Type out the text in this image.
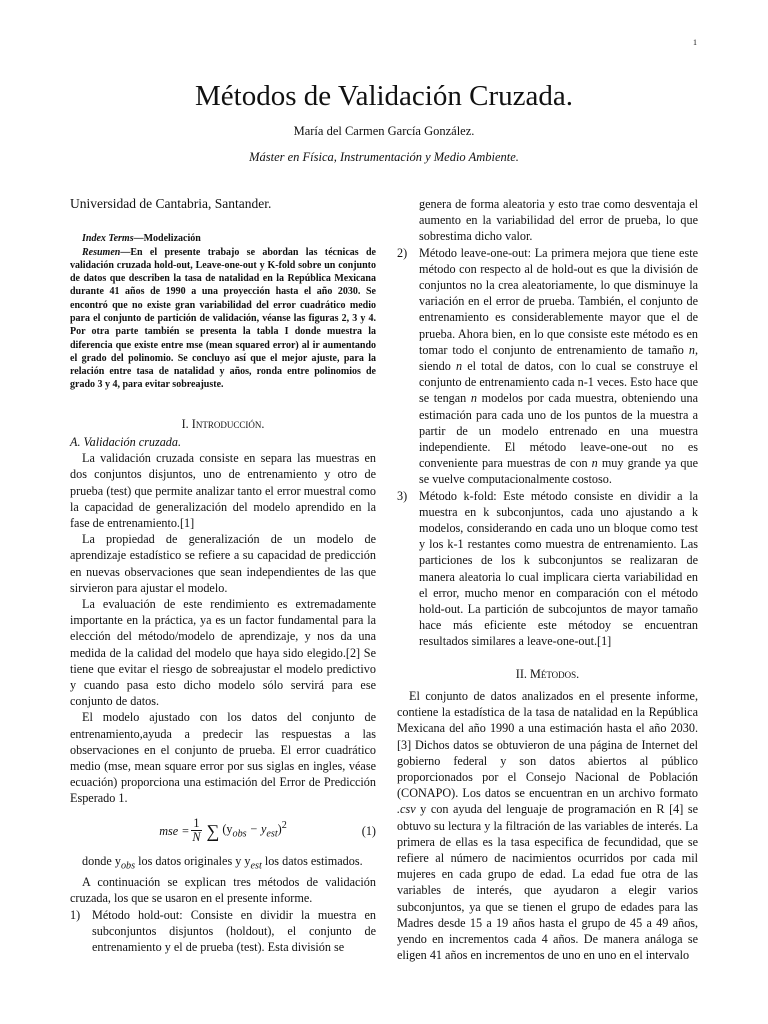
1
Métodos de Validación Cruzada.
María del Carmen García González.
Máster en Física, Instrumentación y Medio Ambiente.
Universidad de Cantabria, Santander.

Index Terms—Modelización

Resumen—En el presente trabajo se abordan las técnicas de validación cruzada hold-out, Leave-one-out y K-fold sobre un conjunto de datos que describen la tasa de natalidad en la República Mexicana durante 41 años de 1990 a una proyección hasta el año 2030. Se encontró que no existe gran variabilidad del error cuadrático medio para el conjunto de partición de validación, véanse las figuras 2, 3 y 4. Por otra parte también se presenta la tabla I donde muestra la diferencia que existe entre mse (mean squared error) al ir aumentando el grado del polinomio. Se concluyo así que el mejor ajuste, para la relación entre tasa de natalidad y años, ronda entre polinomios de grado 3 y 4, para evitar sobreajuste.

I. Introducción.

A. Validación cruzada.

La validación cruzada consiste en separa las muestras en dos conjuntos disjuntos, uno de entrenamiento y otro de prueba (test) que permite analizar tanto el error muestral como la capacidad de generalización del modelo aprendido en la fase de entrenamiento.[1]

La propiedad de generalización de un modelo de aprendizaje estadístico se refiere a su capacidad de predicción en nuevas observaciones que sean independientes de las que sirvieron para ajustar el modelo.

La evaluación de este rendimiento es extremadamente importante en la práctica, ya es un factor fundamental para la elección del método/modelo de aprendizaje, y nos da una medida de la calidad del modelo que haya sido elegido.[2] Se tiene que evitar el riesgo de sobreajustar el modelo predictivo y cuando pasa esto dicho modelo sólo servirá para ese conjunto de datos.

El modelo ajustado con los datos del conjunto de entrenamiento,ayuda a predecir las respuestas a las observaciones en el conjunto de prueba. El error cuadrático medio (mse, mean square error por sus siglas en ingles, véase ecuación) proporciona una estimación del Error de Predicción Esperado 1.

mse = $\frac{1}{N}$ ∑ $(y_{obs} - y_{est})^2$	(1)

donde $y_{obs}$ los datos originales y $y_{est}$ los datos estimados.

A continuación se explican tres métodos de validación cruzada, los que se usaron en el presente informe.

1) Método hold-out: Consiste en dividir la muestra en subconjuntos disjuntos (holdout), el conjunto de entrenamiento y el de prueba (test). Esta división se

genera de forma aleatoria y esto trae como desventaja el aumento en la variabilidad del error de prueba, lo que sobrestima dicho valor.

2) Método leave-one-out: La primera mejora que tiene este método con respecto al de hold-out es que la división de conjuntos no la crea aleatoriamente, lo que disminuye la variación en el error de prueba. También, el conjunto de entrenamiento es considerablemente mayor que el de prueba. Ahora bien, en lo que consiste este método es en tomar todo el conjunto de entrenamiento de tamaño n, siendo n el total de datos, con lo cual se construye el conjunto de entrenamiento cada n-1 veces. Esto hace que se tengan n modelos por cada muestra, obteniendo una estimación para cada uno de los puntos de la muestra a partir de un modelo entrenado en una muestra independiente. El método leave-one-out no es conveniente para muestras de con n muy grande ya que se vuelve computacionalmente costoso.
3) Método k-fold: Este método consiste en dividir a la muestra en k subconjuntos, cada uno ajustando a k modelos, considerando en cada uno un bloque como test y los k-1 restantes como muestra de entrenamiento. Las particiones de los k subconjuntos se realizaran de manera aleatoria lo cual implicara cierta variabilidad en el error, mucho menor en comparación con el método hold-out. La partición de subcojuntos de mayor tamaño hace más eficiente este métodoy se encuentran resultados similares a leave-one-out.[1]
II. Métodos.

El conjunto de datos analizados en el presente informe, contiene la estadística de la tasa de natalidad en la República Mexicana del año 1990 a una estimación hasta el año 2030.[3] Dichos datos se obtuvieron de una página de Internet del gobierno federal y son datos abiertos al público proporcionados por el Consejo Nacional de Población (CONAPO). Los datos se encuentran en un archivo formato .csv y con ayuda del lenguaje de programación en R [4] se obtuvo su lectura y la filtración de las variables de interés. La primera de ellas es la tasa especifica de fecundidad, que se refiere al número de nacimientos ocurridos por cada mil mujeres en cada grupo de edad. La edad fue otra de las variables de interés, que ayudaron a elegir varios subconjuntos, ya que se tienen el grupo de edades para las Madres desde 15 a 19 años hasta el grupo de 45 a 49 años, yendo en incrementos cada 4 años. De manera análoga se eligen 41 años en incrementos de uno en uno en el intervalo
